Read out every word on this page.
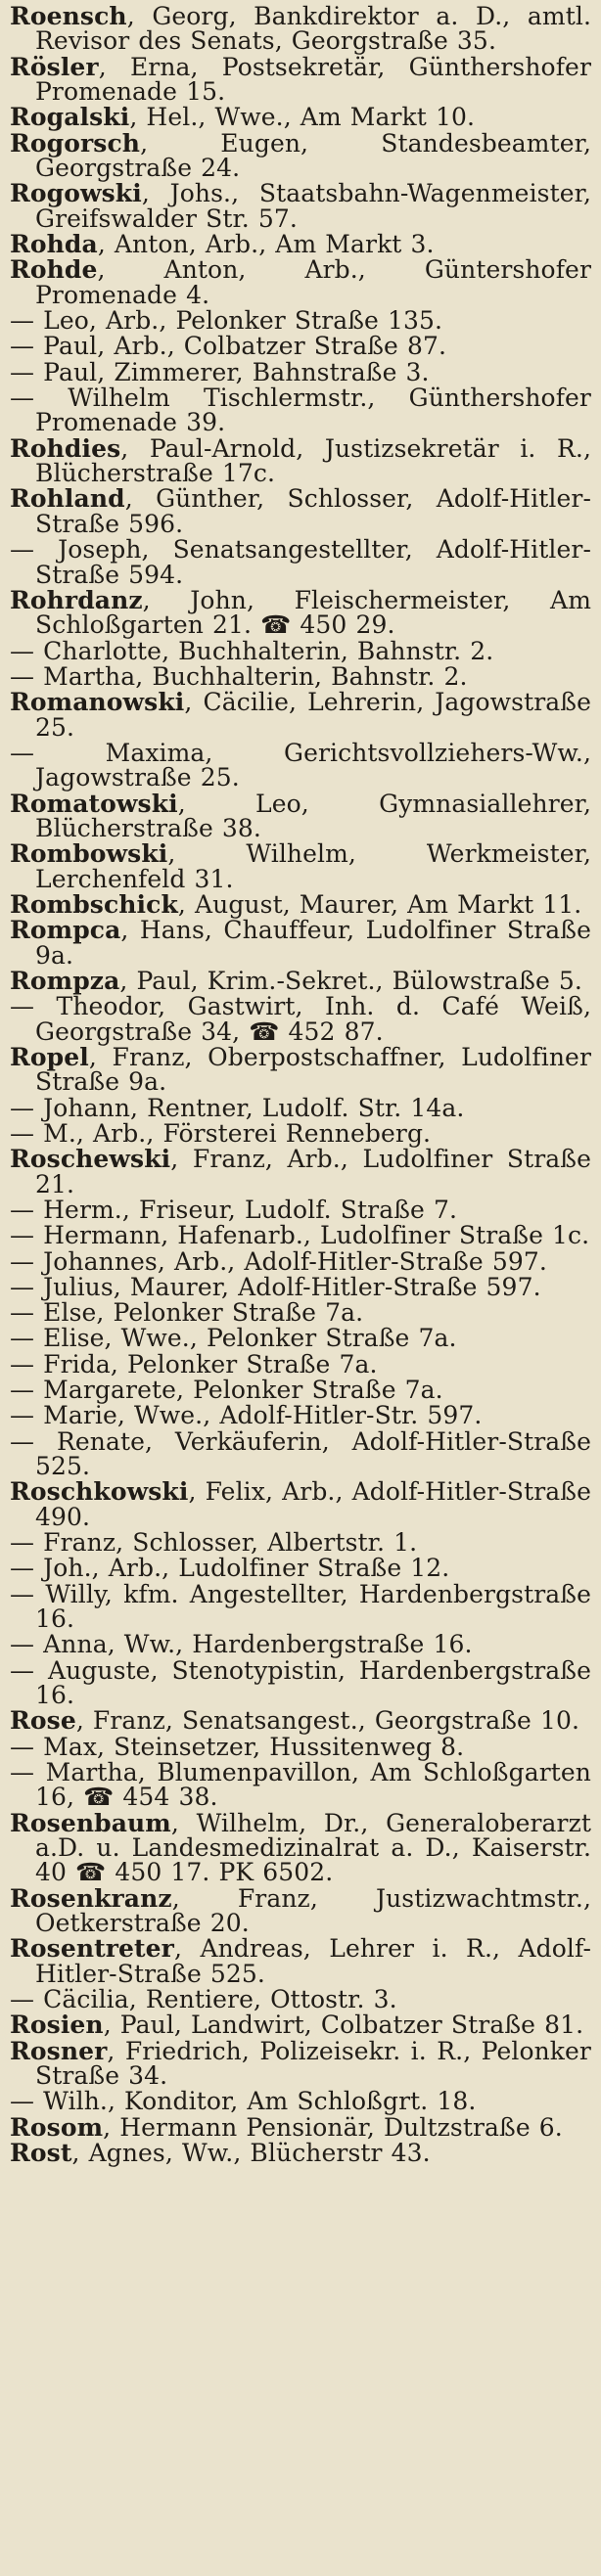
Roensch, Georg, Bankdirektor a. D., amtl. Revisor des Senats, Georgstraße 35.

Rösler, Erna, Postsekretär, Günthershofer Promenade 15.

Rogalski, Hel., Wwe., Am Markt 10.

Rogorsch, Eugen, Standesbeamter, Georgstraße 24.

Rogowski, Johs., Staatsbahn-Wagenmeister, Greifswalder Str. 57.

Rohda, Anton, Arb., Am Markt 3.

Rohde, Anton, Arb., Güntershofer Promenade 4.

— Leo, Arb., Pelonker Straße 135.

— Paul, Arb., Colbatzer Straße 87.

— Paul, Zimmerer, Bahnstraße 3.

— Wilhelm Tischlermstr., Günthershofer Promenade 39.

Rohdies, Paul-Arnold, Justizsekretär i. R., Blücherstraße 17c.

Rohland, Günther, Schlosser, Adolf-Hitler-Straße 596.

— Joseph, Senatsangestellter, Adolf-Hitler-Straße 594.

Rohrdanz, John, Fleischermeister, Am Schloßgarten 21. ☎ 450 29.

— Charlotte, Buchhalterin, Bahnstr. 2.

— Martha, Buchhalterin, Bahnstr. 2.

Romanowski, Cäcilie, Lehrerin, Jagowstraße 25.

— Maxima, Gerichtsvollziehers-Ww., Jagowstraße 25.

Romatowski, Leo, Gymnasiallehrer, Blücherstraße 38.

Rombowski, Wilhelm, Werkmeister, Lerchenfeld 31.

Rombschick, August, Maurer, Am Markt 11.

Rompca, Hans, Chauffeur, Ludolfiner Straße 9a.

Rompza, Paul, Krim.-Sekret., Bülowstraße 5.

— Theodor, Gastwirt, Inh. d. Café Weiß, Georgstraße 34, ☎ 452 87.

Ropel, Franz, Oberpostschaffner, Ludolfiner Straße 9a.

— Johann, Rentner, Ludolf. Str. 14a.

— M., Arb., Försterei Renneberg.

Roschewski, Franz, Arb., Ludolfiner Straße 21.

— Herm., Friseur, Ludolf. Straße 7.

— Hermann, Hafenarb., Ludolfiner Straße 1c.

— Johannes, Arb., Adolf-Hitler-Straße 597.

— Julius, Maurer, Adolf-Hitler-Straße 597.

— Else, Pelonker Straße 7a.

— Elise, Wwe., Pelonker Straße 7a.

— Frida, Pelonker Straße 7a.

— Margarete, Pelonker Straße 7a.

— Marie, Wwe., Adolf-Hitler-Str. 597.

— Renate, Verkäuferin, Adolf-Hitler-Straße 525.

Roschkowski, Felix, Arb., Adolf-Hitler-Straße 490.

— Franz, Schlosser, Albertstr. 1.

— Joh., Arb., Ludolfiner Straße 12.

— Willy, kfm. Angestellter, Hardenbergstraße 16.

— Anna, Ww., Hardenbergstraße 16.

— Auguste, Stenotypistin, Hardenbergstraße 16.

Rose, Franz, Senatsangest., Georgstraße 10.

— Max, Steinsetzer, Hussitenweg 8.

— Martha, Blumenpavillon, Am Schloßgarten 16, ☎ 454 38.

Rosenbaum, Wilhelm, Dr., Generaloberarzt a.D. u. Landesmedizinalrat a. D., Kaiserstr. 40 ☎ 450 17. PK 6502.

Rosenkranz, Franz, Justizwachtmstr., Oetkerstraße 20.

Rosentreter, Andreas, Lehrer i. R., Adolf-Hitler-Straße 525.

— Cäcilia, Rentiere, Ottostr. 3.

Rosien, Paul, Landwirt, Colbatzer Straße 81.

Rosner, Friedrich, Polizeisekr. i. R., Pelonker Straße 34.

— Wilh., Konditor, Am Schloßgrt. 18.

Rosom, Hermann Pensionär, Dultzstraße 6.

Rost, Agnes, Ww., Blücherstr 43.
